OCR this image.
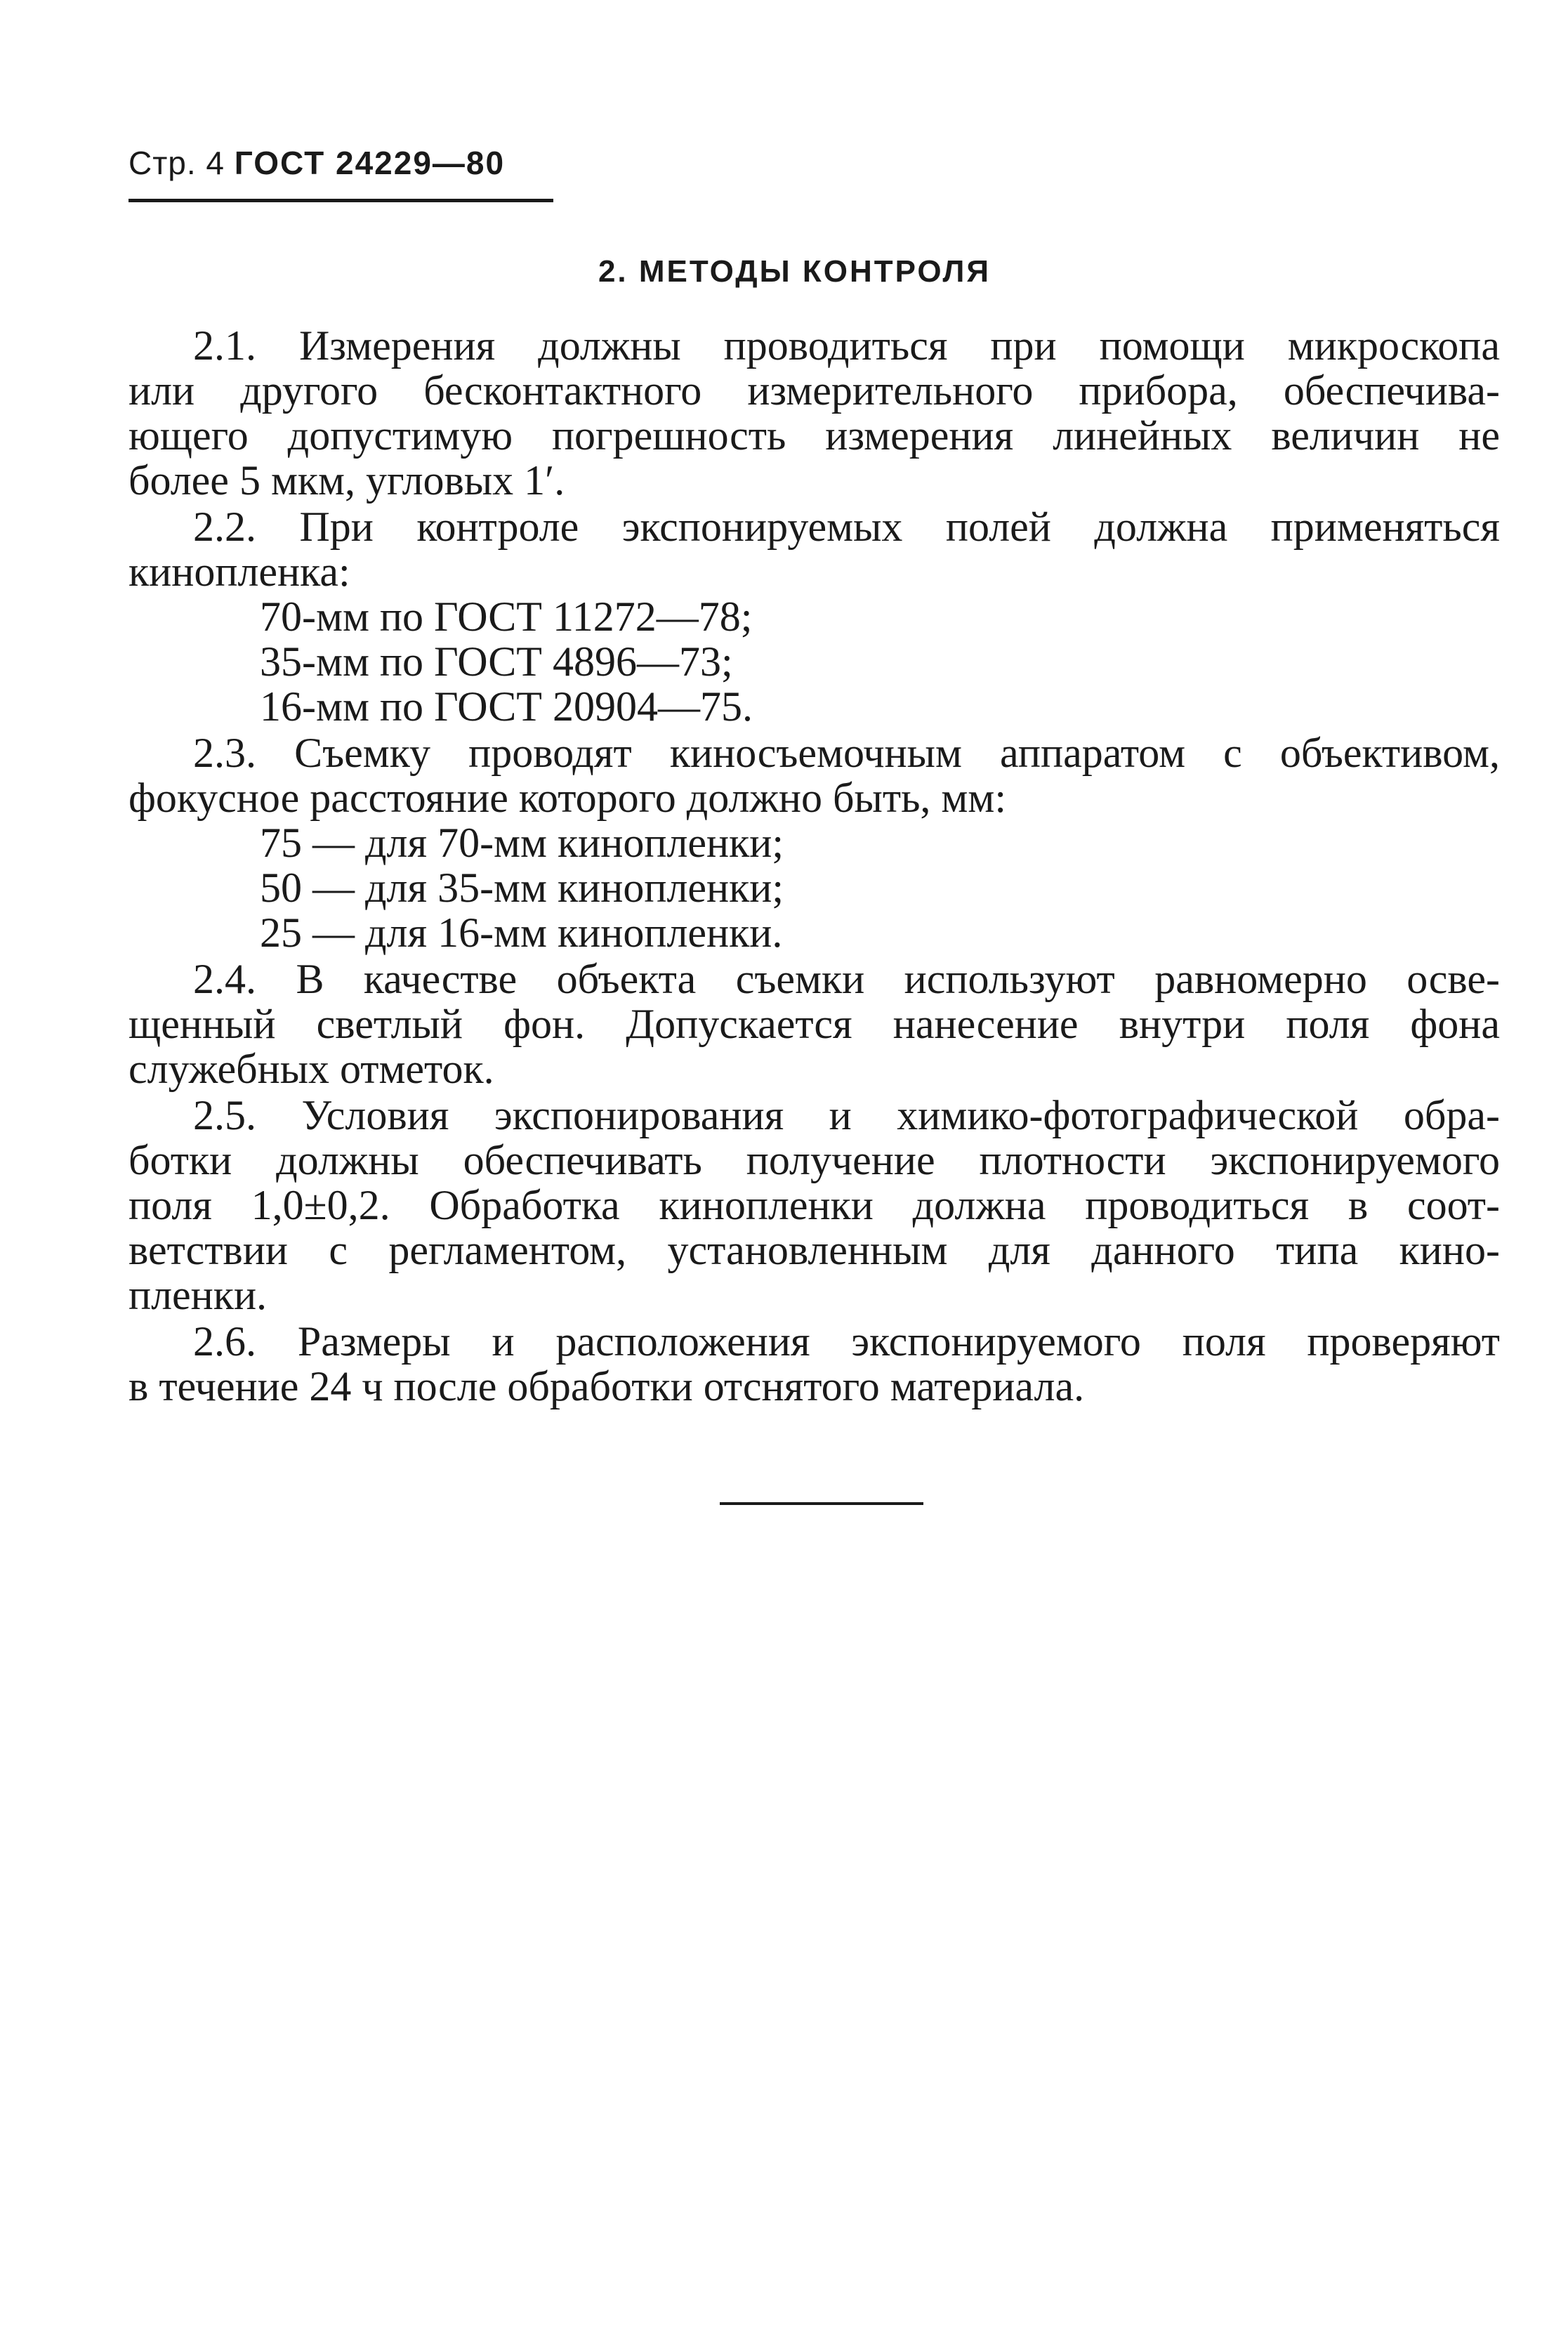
Стр. 4 ГОСТ 24229—80
2. МЕТОДЫ КОНТРОЛЯ
2.1. Измерения должны проводиться при помощи микроскопа
или другого бесконтактного измерительного прибора, обеспечива-
ющего допустимую погрешность измерения линейных величин не
более 5 мкм, угловых 1′.
2.2. При контроле экспонируемых полей должна применяться
кинопленка:
70-мм по ГОСТ 11272—78;
35-мм по ГОСТ 4896—73;
16-мм по ГОСТ 20904—75.
2.3. Съемку проводят киносъемочным аппаратом с объективом,
фокусное расстояние которого должно быть, мм:
75 — для 70-мм кинопленки;
50 — для 35-мм кинопленки;
25 — для 16-мм кинопленки.
2.4. В качестве объекта съемки используют равномерно осве-
щенный светлый фон. Допускается нанесение внутри поля фона
служебных отметок.
2.5. Условия экспонирования и химико-фотографической обра-
ботки должны обеспечивать получение плотности экспонируемого
поля 1,0±0,2. Обработка кинопленки должна проводиться в соот-
ветствии с регламентом, установленным для данного типа кино-
пленки.
2.6. Размеры и расположения экспонируемого поля проверяют
в течение 24 ч после обработки отснятого материала.
